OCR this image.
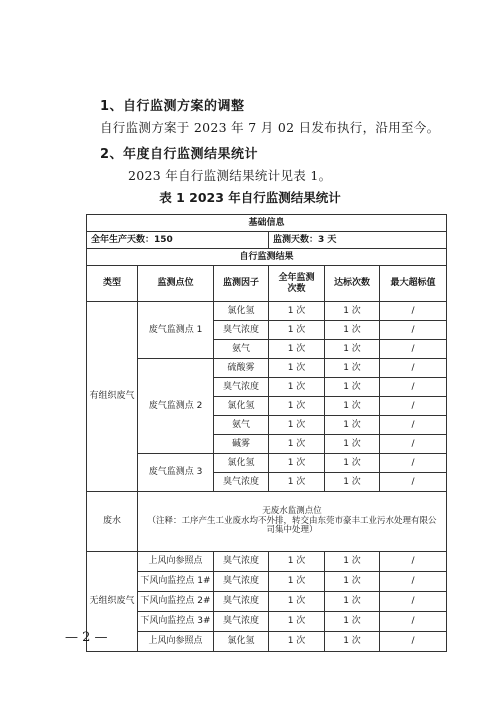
1、自行监测方案的调整
自行监测方案于 2023 年 7 月 02 日发布执行，沿用至今。
2、年度自行监测结果统计
2023 年自行监测结果统计见表 1。
表 1 2023 年自行监测结果统计
基础信息					
全年生产天数：150			监测天数：3 天		
自行监测结果					
类型	监测点位	监测因子	全年监测
次数	达标次数	最大超标值
有组织废气	废气监测点 1	氯化氢	1 次	1 次	/
		臭气浓度	1 次	1 次	/
		氨气	1 次	1 次	/
	废气监测点 2	硫酸雾	1 次	1 次	/
		臭气浓度	1 次	1 次	/
		氯化氢	1 次	1 次	/
		氨气	1 次	1 次	/
		碱雾	1 次	1 次	/
	废气监测点 3	氯化氢	1 次	1 次	/
		臭气浓度	1 次	1 次	/
废水	无废水监测点位
（注释：工序产生工业废水均不外排，转交由东莞市豪丰工业污水处理有限公
司集中处理）				
无组织废气	上风向参照点	臭气浓度	1 次	1 次	/
	下风向监控点 1#	臭气浓度	1 次	1 次	/
	下风向监控点 2#	臭气浓度	1 次	1 次	/
	下风向监控点 3#	臭气浓度	1 次	1 次	/
	上风向参照点	氯化氢	1 次	1 次	/
— 2 —
